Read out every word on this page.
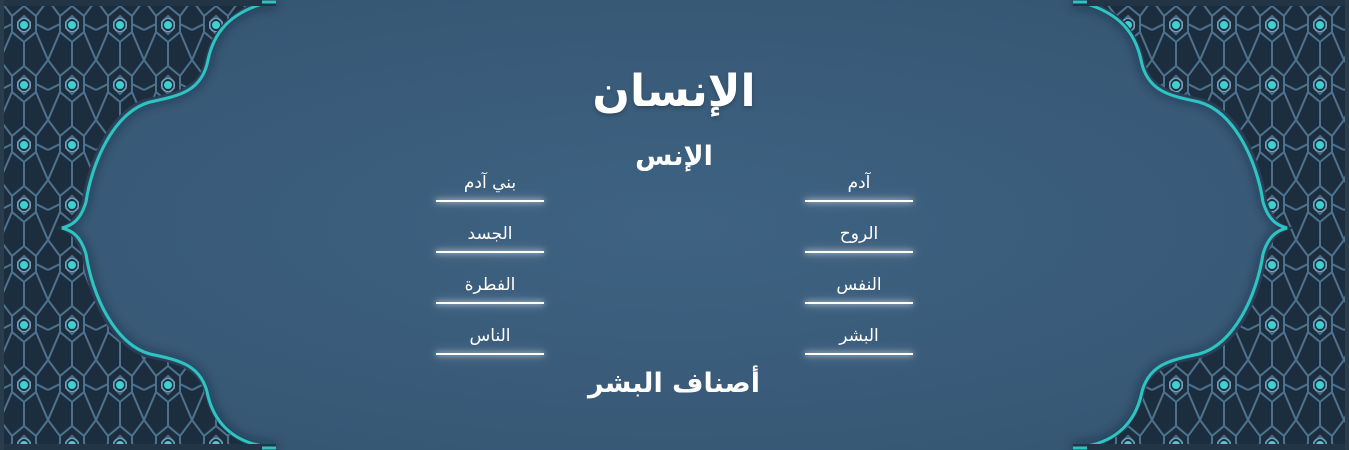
الإنسان
الإنس
بني آدم
الجسد
الفطرة
الناس
آدم
الروح
النفس
البشر
أصناف البشر
